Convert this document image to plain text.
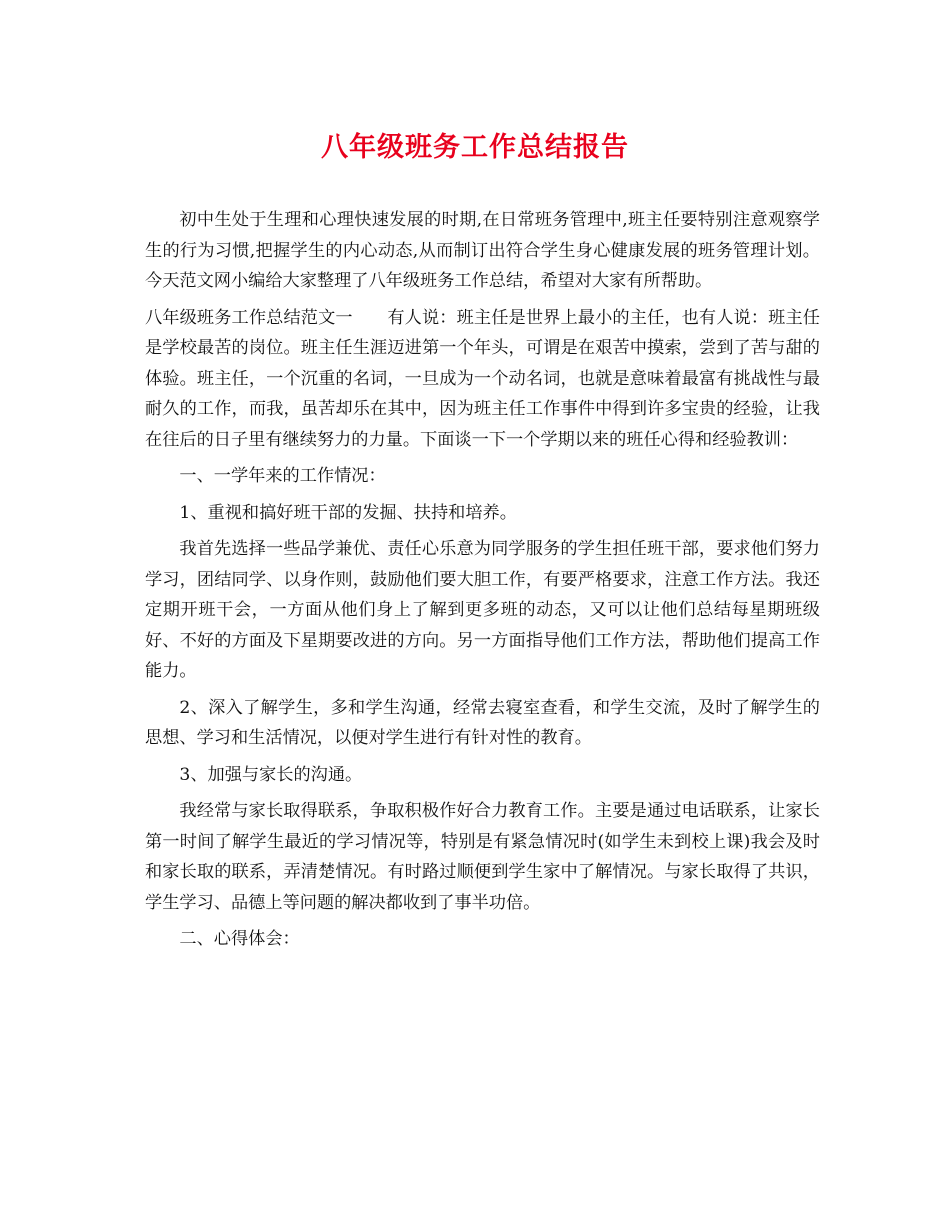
八年级班务工作总结报告

初中生处于生理和心理快速发展的时期,在日常班务管理中,班主任要特别注意观察学生的行为习惯,把握学生的内心动态,从而制订出符合学生身心健康发展的班务管理计划。今天范文网小编给大家整理了八年级班务工作总结，希望对大家有所帮助。

八年级班务工作总结范文一　　有人说：班主任是世界上最小的主任，也有人说：班主任是学校最苦的岗位。班主任生涯迈进第一个年头，可谓是在艰苦中摸索，尝到了苦与甜的体验。班主任，一个沉重的名词，一旦成为一个动名词，也就是意味着最富有挑战性与最耐久的工作，而我，虽苦却乐在其中，因为班主任工作事件中得到许多宝贵的经验，让我在往后的日子里有继续努力的力量。下面谈一下一个学期以来的班任心得和经验教训：

一、一学年来的工作情况：

1、重视和搞好班干部的发掘、扶持和培养。

我首先选择一些品学兼优、责任心乐意为同学服务的学生担任班干部，要求他们努力学习，团结同学、以身作则，鼓励他们要大胆工作，有要严格要求，注意工作方法。我还定期开班干会，一方面从他们身上了解到更多班的动态，又可以让他们总结每星期班级好、不好的方面及下星期要改进的方向。另一方面指导他们工作方法，帮助他们提高工作能力。

2、深入了解学生，多和学生沟通，经常去寝室查看，和学生交流，及时了解学生的思想、学习和生活情况，以便对学生进行有针对性的教育。

3、加强与家长的沟通。

我经常与家长取得联系，争取积极作好合力教育工作。主要是通过电话联系，让家长第一时间了解学生最近的学习情况等，特别是有紧急情况时(如学生未到校上课)我会及时和家长取的联系，弄清楚情况。有时路过顺便到学生家中了解情况。与家长取得了共识，学生学习、品德上等问题的解决都收到了事半功倍。

二、心得体会：
